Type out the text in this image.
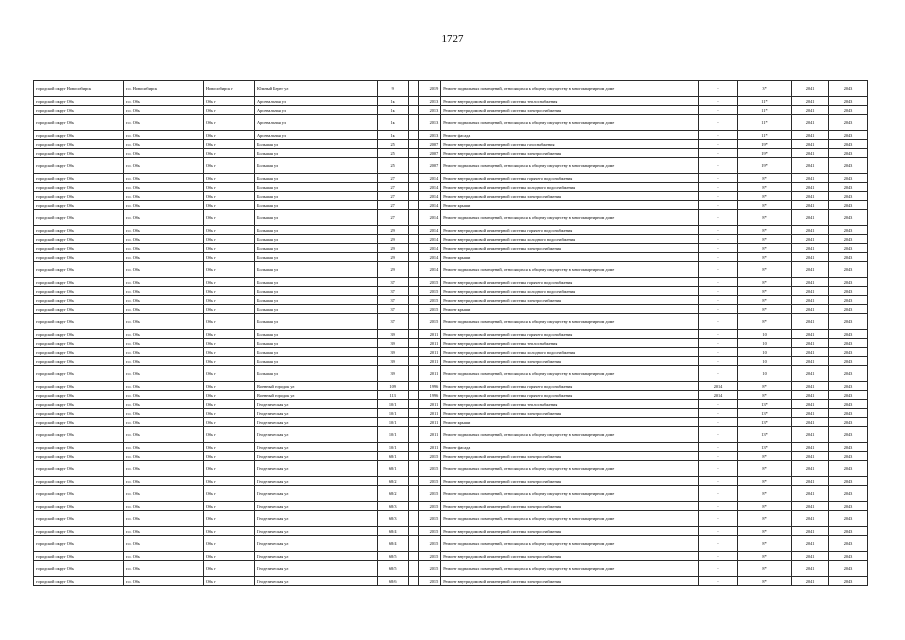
1727
городской округ Новосибирск	г.о. Новосибирск	Новосибирск г	Южный Берег ул	9		2019	Ремонт подвальных помещений, относящихся к общему имуществу в многоквартирном доме	-	3*	2041	2043
городской округ Обь	г.о. Обь	Обь г	Арсенальная ул	1к		2013	Ремонт внутридомовой инженерной системы теплоснабжения	-	11*	2041	2043
городской округ Обь	г.о. Обь	Обь г	Арсенальная ул	1к		2013	Ремонт внутридомовой инженерной системы электроснабжения	-	11*	2041	2043
городской округ Обь	г.о. Обь	Обь г	Арсенальная ул	1к		2013	Ремонт подвальных помещений, относящихся к общему имуществу в многоквартирном доме	-	11*	2041	2043
городской округ Обь	г.о. Обь	Обь г	Арсенальная ул	1к		2013	Ремонт фасада	-	11*	2041	2043
городской округ Обь	г.о. Обь	Обь г	Большая ул	25		2007	Ремонт внутридомовой инженерной системы газоснабжения	-	19*	2041	2043
городской округ Обь	г.о. Обь	Обь г	Большая ул	25		2007	Ремонт внутридомовой инженерной системы электроснабжения	-	19*	2041	2043
городской округ Обь	г.о. Обь	Обь г	Большая ул	25		2007	Ремонт подвальных помещений, относящихся к общему имуществу в многоквартирном доме	-	19*	2041	2043
городской округ Обь	г.о. Обь	Обь г	Большая ул	27		2014	Ремонт внутридомовой инженерной системы горячего водоснабжения	-	8*	2041	2043
городской округ Обь	г.о. Обь	Обь г	Большая ул	27		2014	Ремонт внутридомовой инженерной системы холодного водоснабжения	-	8*	2041	2043
городской округ Обь	г.о. Обь	Обь г	Большая ул	27		2014	Ремонт внутридомовой инженерной системы электроснабжения	-	8*	2041	2043
городской округ Обь	г.о. Обь	Обь г	Большая ул	27		2014	Ремонт крыши	-	8*	2041	2043
городской округ Обь	г.о. Обь	Обь г	Большая ул	27		2014	Ремонт подвальных помещений, относящихся к общему имуществу в многоквартирном доме	-	8*	2041	2043
городской округ Обь	г.о. Обь	Обь г	Большая ул	29		2014	Ремонт внутридомовой инженерной системы горячего водоснабжения	-	8*	2041	2043
городской округ Обь	г.о. Обь	Обь г	Большая ул	29		2014	Ремонт внутридомовой инженерной системы холодного водоснабжения	-	8*	2041	2043
городской округ Обь	г.о. Обь	Обь г	Большая ул	29		2014	Ремонт внутридомовой инженерной системы электроснабжения	-	8*	2041	2043
городской округ Обь	г.о. Обь	Обь г	Большая ул	29		2014	Ремонт крыши	-	8*	2041	2043
городской округ Обь	г.о. Обь	Обь г	Большая ул	29		2014	Ремонт подвальных помещений, относящихся к общему имуществу в многоквартирном доме	-	8*	2041	2043
городской округ Обь	г.о. Обь	Обь г	Большая ул	37		2015	Ремонт внутридомовой инженерной системы горячего водоснабжения	-	8*	2041	2043
городской округ Обь	г.о. Обь	Обь г	Большая ул	37		2015	Ремонт внутридомовой инженерной системы холодного водоснабжения	-	8*	2041	2043
городской округ Обь	г.о. Обь	Обь г	Большая ул	37		2015	Ремонт внутридомовой инженерной системы электроснабжения	-	8*	2041	2043
городской округ Обь	г.о. Обь	Обь г	Большая ул	37		2015	Ремонт крыши	-	8*	2041	2043
городской округ Обь	г.о. Обь	Обь г	Большая ул	37		2015	Ремонт подвальных помещений, относящихся к общему имуществу в многоквартирном доме	-	8*	2041	2043
городской округ Обь	г.о. Обь	Обь г	Большая ул	39		2011	Ремонт внутридомовой инженерной системы горячего водоснабжения	-	10	2041	2043
городской округ Обь	г.о. Обь	Обь г	Большая ул	39		2011	Ремонт внутридомовой инженерной системы теплоснабжения	-	10	2041	2043
городской округ Обь	г.о. Обь	Обь г	Большая ул	39		2011	Ремонт внутридомовой инженерной системы холодного водоснабжения	-	10	2041	2043
городской округ Обь	г.о. Обь	Обь г	Большая ул	39		2011	Ремонт внутридомовой инженерной системы электроснабжения	-	10	2041	2043
городской округ Обь	г.о. Обь	Обь г	Большая ул	39		2011	Ремонт подвальных помещений, относящихся к общему имуществу в многоквартирном доме	-	10	2041	2043
городской округ Обь	г.о. Обь	Обь г	Военный городок ул	109		1996	Ремонт внутридомовой инженерной системы горячего водоснабжения	2014	8*	2041	2043
городской округ Обь	г.о. Обь	Обь г	Военный городок ул	113		1996	Ремонт внутридомовой инженерной системы горячего водоснабжения	2014	8*	2041	2043
городской округ Обь	г.о. Обь	Обь г	Геодезическая ул	10/1		2011	Ремонт внутридомовой инженерной системы теплоснабжения	-	13*	2041	2043
городской округ Обь	г.о. Обь	Обь г	Геодезическая ул	10/1		2011	Ремонт внутридомовой инженерной системы электроснабжения	-	13*	2041	2043
городской округ Обь	г.о. Обь	Обь г	Геодезическая ул	10/1		2011	Ремонт крыши	-	13*	2041	2043
городской округ Обь	г.о. Обь	Обь г	Геодезическая ул	10/1		2011	Ремонт подвальных помещений, относящихся к общему имуществу в многоквартирном доме	-	13*	2041	2043
городской округ Обь	г.о. Обь	Обь г	Геодезическая ул	10/1		2011	Ремонт фасада	-	13*	2041	2043
городской округ Обь	г.о. Обь	Обь г	Геодезическая ул	68/1		2015	Ремонт внутридомовой инженерной системы электроснабжения	-	8*	2041	2043
городской округ Обь	г.о. Обь	Обь г	Геодезическая ул	68/1		2015	Ремонт подвальных помещений, относящихся к общему имуществу в многоквартирном доме	-	8*	2041	2043
городской округ Обь	г.о. Обь	Обь г	Геодезическая ул	68/2		2015	Ремонт внутридомовой инженерной системы электроснабжения	-	8*	2041	2043
городской округ Обь	г.о. Обь	Обь г	Геодезическая ул	68/2		2015	Ремонт подвальных помещений, относящихся к общему имуществу в многоквартирном доме	-	8*	2041	2043
городской округ Обь	г.о. Обь	Обь г	Геодезическая ул	68/3		2015	Ремонт внутридомовой инженерной системы электроснабжения	-	8*	2041	2043
городской округ Обь	г.о. Обь	Обь г	Геодезическая ул	68/3		2015	Ремонт подвальных помещений, относящихся к общему имуществу в многоквартирном доме	-	8*	2041	2043
городской округ Обь	г.о. Обь	Обь г	Геодезическая ул	68/4		2015	Ремонт внутридомовой инженерной системы электроснабжения	-	8*	2041	2043
городской округ Обь	г.о. Обь	Обь г	Геодезическая ул	68/4		2015	Ремонт подвальных помещений, относящихся к общему имуществу в многоквартирном доме	-	8*	2041	2043
городской округ Обь	г.о. Обь	Обь г	Геодезическая ул	68/5		2015	Ремонт внутридомовой инженерной системы электроснабжения	-	8*	2041	2043
городской округ Обь	г.о. Обь	Обь г	Геодезическая ул	68/5		2015	Ремонт подвальных помещений, относящихся к общему имуществу в многоквартирном доме	-	8*	2041	2043
городской округ Обь	г.о. Обь	Обь г	Геодезическая ул	68/6		2015	Ремонт внутридомовой инженерной системы электроснабжения	-	8*	2041	2043
